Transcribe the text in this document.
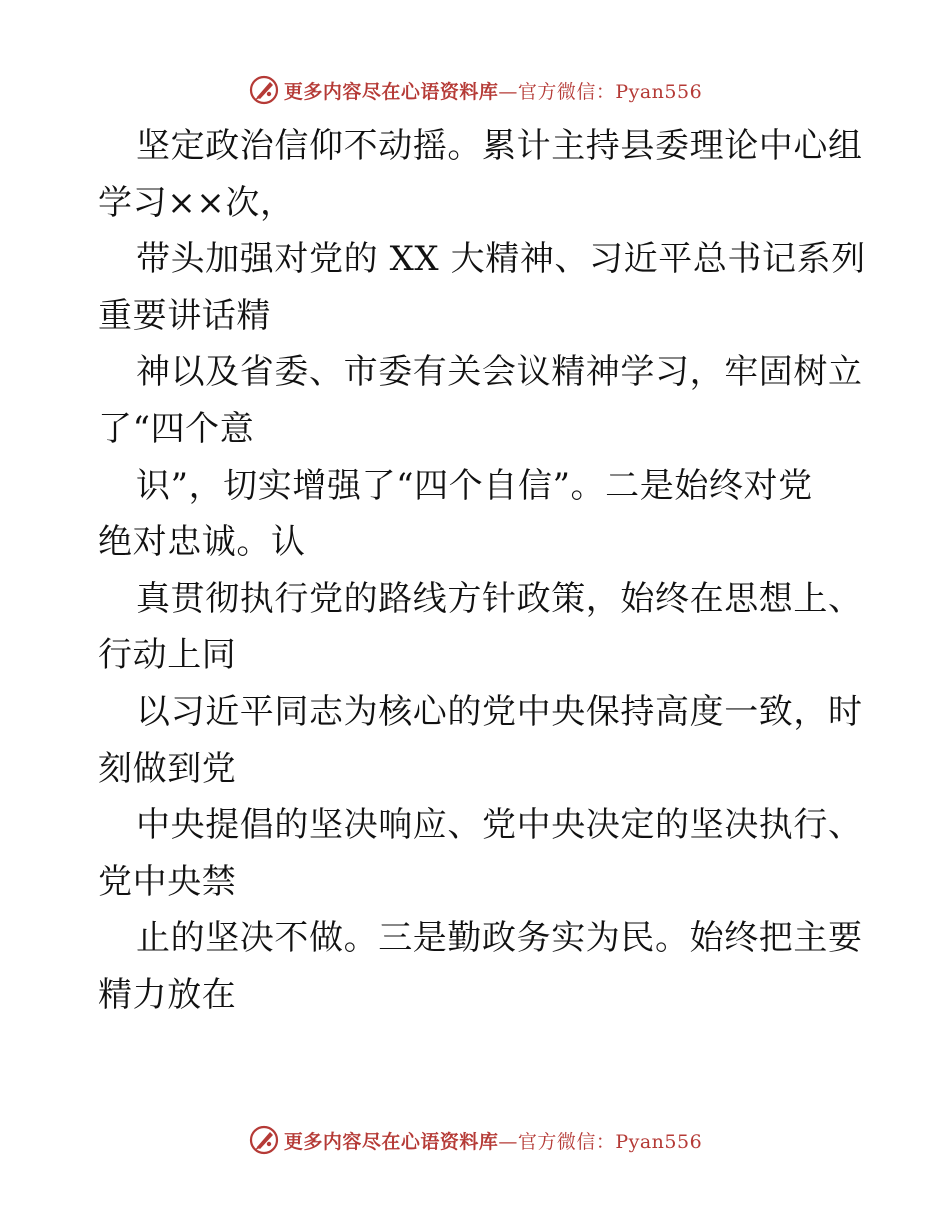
更多内容尽在心语资料库—官方微信：Pyan556
坚定政治信仰不动摇。累计主持县委理论中心组
学习××次，
带头加强对党的 XX 大精神、习近平总书记系列
重要讲话精
神以及省委、市委有关会议精神学习，牢固树立
了“四个意
识”，切实增强了“四个自信”。二是始终对党
绝对忠诚。认
真贯彻执行党的路线方针政策，始终在思想上、
行动上同
以习近平同志为核心的党中央保持高度一致，时
刻做到党
中央提倡的坚决响应、党中央决定的坚决执行、
党中央禁
止的坚决不做。三是勤政务实为民。始终把主要
精力放在
更多内容尽在心语资料库—官方微信：Pyan556
